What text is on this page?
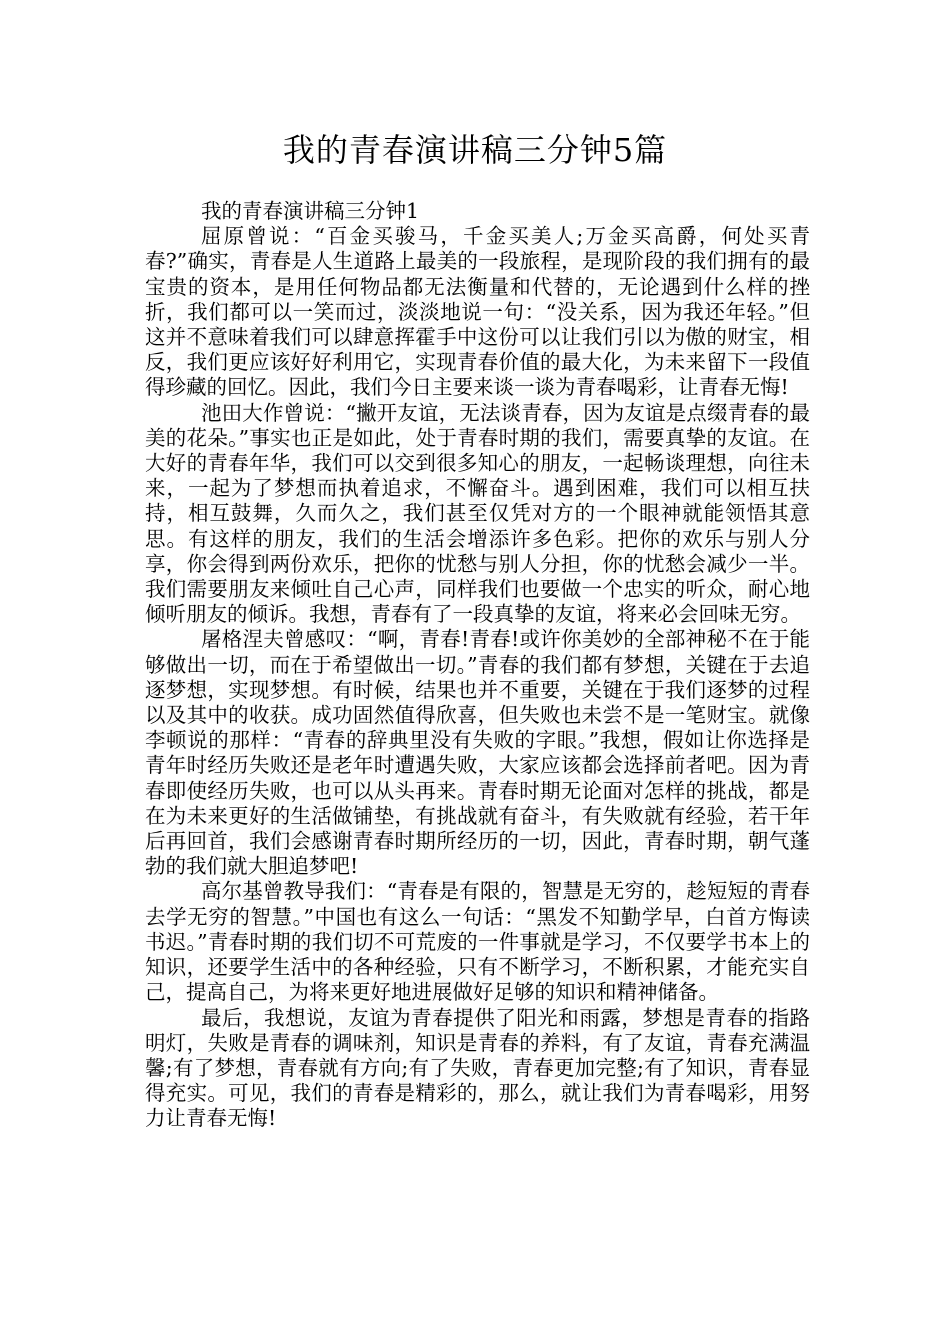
我的青春演讲稿三分钟5篇

我的青春演讲稿三分钟1

屈原曾说：“百金买骏马，千金买美人;万金买高爵，何处买青春?”确实，青春是人生道路上最美的一段旅程，是现阶段的我们拥有的最宝贵的资本，是用任何物品都无法衡量和代替的，无论遇到什么样的挫折，我们都可以一笑而过，淡淡地说一句：“没关系，因为我还年轻。”但这并不意味着我们可以肆意挥霍手中这份可以让我们引以为傲的财宝，相反，我们更应该好好利用它，实现青春价值的最大化，为未来留下一段值得珍藏的回忆。因此，我们今日主要来谈一谈为青春喝彩，让青春无悔!

池田大作曾说：“撇开友谊，无法谈青春，因为友谊是点缀青春的最美的花朵。”事实也正是如此，处于青春时期的我们，需要真挚的友谊。在大好的青春年华，我们可以交到很多知心的朋友，一起畅谈理想，向往未来，一起为了梦想而执着追求，不懈奋斗。遇到困难，我们可以相互扶持，相互鼓舞，久而久之，我们甚至仅凭对方的一个眼神就能领悟其意思。有这样的朋友，我们的生活会增添许多色彩。把你的欢乐与别人分享，你会得到两份欢乐，把你的忧愁与别人分担，你的忧愁会减少一半。我们需要朋友来倾吐自己心声，同样我们也要做一个忠实的听众，耐心地倾听朋友的倾诉。我想，青春有了一段真挚的友谊，将来必会回味无穷。

屠格涅夫曾感叹：“啊，青春!青春!或许你美妙的全部神秘不在于能够做出一切，而在于希望做出一切。”青春的我们都有梦想，关键在于去追逐梦想，实现梦想。有时候，结果也并不重要，关键在于我们逐梦的过程以及其中的收获。成功固然值得欣喜，但失败也未尝不是一笔财宝。就像李顿说的那样：“青春的辞典里没有失败的字眼。”我想，假如让你选择是青年时经历失败还是老年时遭遇失败，大家应该都会选择前者吧。因为青春即使经历失败，也可以从头再来。青春时期无论面对怎样的挑战，都是在为未来更好的生活做铺垫，有挑战就有奋斗，有失败就有经验，若干年后再回首，我们会感谢青春时期所经历的一切，因此，青春时期，朝气蓬勃的我们就大胆追梦吧!

高尔基曾教导我们：“青春是有限的，智慧是无穷的，趁短短的青春去学无穷的智慧。”中国也有这么一句话：“黑发不知勤学早，白首方悔读书迟。”青春时期的我们切不可荒废的一件事就是学习，不仅要学书本上的知识，还要学生活中的各种经验，只有不断学习，不断积累，才能充实自己，提高自己，为将来更好地进展做好足够的知识和精神储备。

最后，我想说，友谊为青春提供了阳光和雨露，梦想是青春的指路明灯，失败是青春的调味剂，知识是青春的养料，有了友谊，青春充满温馨;有了梦想，青春就有方向;有了失败，青春更加完整;有了知识，青春显得充实。可见，我们的青春是精彩的，那么，就让我们为青春喝彩，用努力让青春无悔!
